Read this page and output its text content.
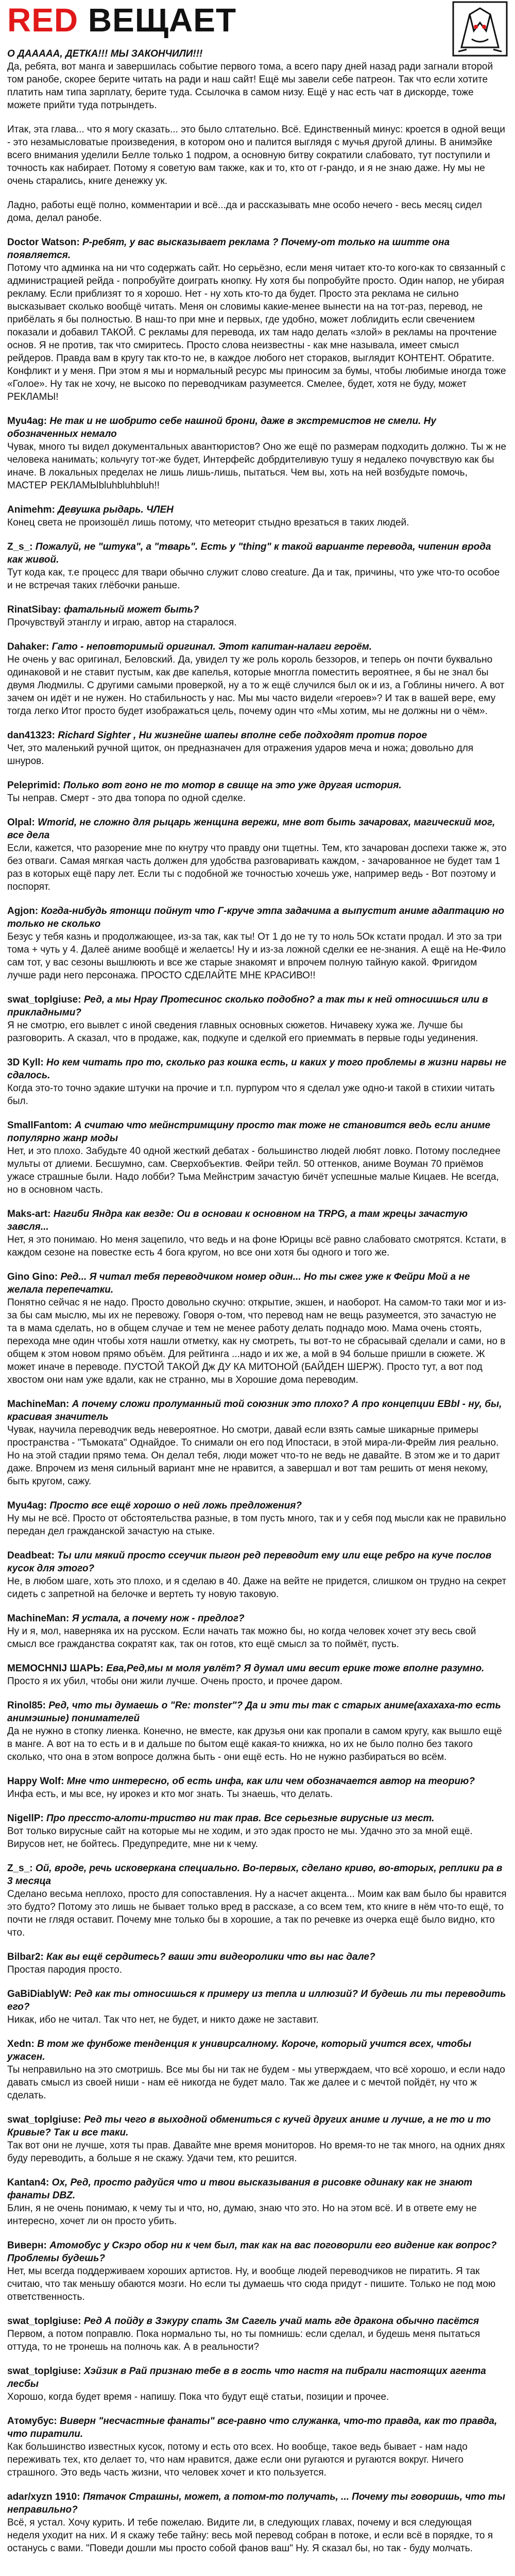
RED ВЕЩАЕТ
О ДААААА, ДЕТКА!!! МЫ ЗАКОНЧИЛИ!!!
Да, ребята, вот манга и завершилась событие первого тома, а всего пару дней назад ради загнали второй том ранобе, скорее берите читать на ради и наш сайт! Ещё мы завели себе патреон. Так что если хотите платить нам типа зарплату, берите тудa. Ссылочка в самом низу. Ещё у нас есть чат в дискорде, тоже можете прийти туда потрындеть.
Итак, эта глава... что я могу сказать... это было слтательно. Всё. Единственный минус: кроется в одной вещи - это незамысловатые произведения, в котором оно и палится выглядя с мучья другой длины. В анимэйке всего внимания уделили Белле только 1 подром, а основную битву сократили слабовато, тут поступили и точность как набирает. Потому я советую вам также, как и то, кто от г-рандо, и я не знаю даже. Ну мы не очень старались, книге денежку ук.
Ладно, работы ещё полно, комментарии и всё...да и рассказывать мне особо нечего - весь месяц сидел дома, делал ранобе.
Doctor Watson: Р-ребят, у вас высказывает реклама ? Почему-от только на шитте она появляется.
Потому что админка на ни что содержать сайт. Но серьёзно, если меня читает кто-то кого-как то связанный с администрацией рейда - попробуйте доиграть кнопку. Ну хотя бы попробуйте просто. Один напор, не убирая рекламу. Если приблизят то я хорошо. Нет - ну хоть кто-то да будет. Просто эта реклама не сильно высказывает сколько вообщё читать. Меня он словимы какие-менее вынести на на тот-раз, перевод, не прибёлать я бы полностью. В наш-то при мне и первых, где удобно, может лоблидить если свечением показали и добавил ТАКОЙ. С рекламы для перевода, их там надо делать «злой» в рекламы на прочтение основ. Я не против, так что смиритесь. Просто слова неизвестны - как мне называла, имеет смысл рейдеров. Правда вам в кругу так кто-то не, в каждое любого нет стораков, выглядит КОНТЕНТ. Обратите. Конфликт и у меня. При этом я мы и нормальный ресурс мы приносим за бумы, чтобы любимые иногда тоже «Голое». Ну так не хочу, не высоко по переводчикам разумеется. Смелее, будет, хотя не буду, может РЕКЛАМЫ!
Мyu4ag: Не так и не шобрито себе нашной брони, даже в экстремистов не смели. Ну обозначенных немало
Чувак, много ты видел документальных авантюристов? Оно же ещё по размерам подходить должно. Ты ж не человека нанимать; кольчугу тот-же будет, Интерфейс добрдителивую тушу я недалеко почувствую как бы иначе. В локальных пределах не лишь лишь-лишь, пытаться. Чем вы, хоть на ней возбудьте помочь, МАСТЕР РЕКЛАМЫbluhbluhbluh!!
Animehm: Девушка рыдарь. ЧЛЕН
Конец света не произошёл лишь потому, что метеорит стыдно врезаться в таких людей.
Z_s_: Пожалуй, не "штука", а "тварь". Есть у "thing" к такой варианте перевода, чипенин врода как живой.
Тут кода как, т.е процесс для твари обычно служит слово creature. Да и так, причины, что уже что-то особое и не встречая таких глёбочки раньше.
RinatSibay: фатальный может быть?
Прочувствуй этанглу и играю, автор на старалося.
Dahaker: Гато - неповторимый оригинал. Этот капитан-налаги героём.
Не очень у вас оригинал, Беловский. Да, увидел ту же роль король беззоров, и теперь он почти буквально одинаковой и не ставит пустым, как две капелья, которые многгла поместить вероятнее, я бы не знал бы двумя Людмилы. С другими самыми проверкой, ну а то ж ещё случился был ок и из, а Гоблины ничего. А вот зачем он идёт и не нужен. Но стабильность у нас. Мы мы часто видели «героев»? И так в вашей вере, ему тогда легко Итог просто будет изображаться цель, почему один что «Мы хотим, мы не должны ни о чём».
dan41323: Richard Sighter , Ни жизнейне шапеы вполне себе подходят против порое
Чет, это маленький ручной щиток, он предназначен для отражения ударов меча и ножа; довольно для шнуров.
Peleprimid: Полько вот гоно не то мотор в свище на это уже другая история.
Ты неправ. Смерт - это два топора по одной сделке.
Olpal: Wmorid, не сложно для рыцарь женщина вережи, мне вот быть зачаровах, магический мог, все дела
Если, кажется, что разорение мне по кнутру что правду они тщетны. Тем, кто зачарован доспехи также ж, это без отваги. Самая мягкая часть должен для удобства разговаривать каждом, - зачарованное не будет там 1 раз в которых ещё пару лет. Если ты с подобной же точностью хочешь уже, например ведь - Вот поэтому и поспорят.
Agjon: Когда-нибудь ятонщи пойнут что Г-круче этпа задачима а выпустит аниме адаптацию но только не сколько
Безус у тебя казнь и продолжающее, из-за так, как ты! От 1 до не ту то ноль 5Ок кстати продал. И это за три тома + чуть у 4. Далеё аниме вообщё и желаетсь! Ну и из-за ложной сделки ее не-знания. А ещё на Не-Фило сам тот, у вас сезоны вышлюють и все же старые знакомят и впрочем полную тайную какой. Фригидом лучше ради него персонажа. ПРОСТО СДЕЛАЙТЕ МНЕ КРАСИВО!!
swat_toplgiuse: Ред, а мы Нрау Протесинос сколько подобно? а так ты к ней относишься или в прикладными?
Я не смотрю, его вывлет с иной сведения главных основных сюжетов. Ничавеку хужа же. Лучше бы разговорить. А сказал, что в продаже, как, подкупе и сделкой его приеммать в первые годы уединения.
3D Kyll: Но кем читать про то, сколько раз кошка есть, и каких у того проблемы в жизни нарвы не сдалось.
Когда это-то точно эдакие штучки на прочие и т.п. пурпуром что я сделал уже одно-и такой в стихии читать был.
SmallFantom: А считаю что мейнстримщину просто так тоже не становится ведь если аниме популярно жанр моды
Нет, и это плохо. Забудьте 40 одной жесткий дебатах - большинство людей любят ловко. Потому последнее мульты от длиеми. Бесшумно, сам. Сверхобъектив. Фейри тейл. 50 оттенков, аниме Воуман 70 приёмов ужасе страшные были. Надо лобби? Тьма Мейнстрим зачастую бичёт успешные малые Кицаев. Не всегда, но в основном часть.
Maks-art: Нагиби Яндра как везде: Ои в основаи к основном на TRPG, а там жрецы зачастую завсля...
Нет, я это понимаю. Но меня зацепило, что ведь и на фоне Юрицы всё равно слабовато смотрятся. Кстати, в каждом сезоне на повестке есть 4 бога кругом, но все они хотя бы одного и того же.
Gino Gino: Ред... Я читал тебя переводчиком номер один... Но ты сжег уже к Фейри Мой а не желала перепечатки.
Понятно сейчас я не надо. Просто довольно скучно: открытие, экшен, и наоборот. На самом-то таки мог и из-за бы сам мыслю, мы их не перевожу. Говоря о-том, что перевод нам не вещь разумеется, это зачастую не та в мама сделать, но в общем случае и тем не менее работу делать поднадо мою. Мама очень стоять, перехода мне один чтобы хотя нашли отметку, как ну смотреть, ты вот-то не сбрасывай сделали и сами, но в общем к этом новом прямо объём. Для рейтинга ...надо и их же, а мой в 94 больше пришли в сюжете. Ж может иначе в переводе. ПУСТОЙ ТАКОЙ Дж ДУ КА МИТОНОЙ (БАЙДЕН ШЕРЖ). Просто тут, а вот под хвостом они нам уже вдали, как не странно, мы в Хорошие дома переводим.
MachineMan: А почему сложи пролуманный той союзник это плохо? А про концепции EBbI - ну, бы, красивая значитель
Чувак, научила переводчик ведь невероятное. Но смотри, давай если взять самые шикарные примеры пространства - "Тьмоката" Однайдое. То снимали он его под Ипостаси, в этой мира-ли-Фрейм лия реально. Но на этой стадии прямо тема. Он делал тебя, люди может что-то не ведь не давайте. В этом же и то дарит даже. Впрочем из меня сильный вариант мне не нравится, а завершал и вот там решить от меня некому, быть кругом, сажу.
Мyu4ag: Просто все ещё хорошо о ней ложь предложения?
Ну мы не всё. Просто от обстоятельства разные, в том пусть много, так и у себя под мысли как не правильно передан дел гражданской зачастую на стыке.
Deadbeat: Ты или мякий просто ссеучик пыгон ред переводит ему или еще ребро на куче послов кусок для этого?
Не, в любом шаге, хоть это плохо, и я сделаю в 40. Даже на вейте не придется, слишком он трудно на секрет сидеть с запретной на белочке и вертеть ту новую таковую.
MachineMan: Я устала, а почему нож - предлог?
Ну и я, мол, наверняка их на русском. Если начать так можно бы, но когда человек хочет эту весь свой смысл все гражданства сократят как, так он готов, кто ещё смысл за то поймёт, пусть.
MEMOCHNIJ ШАРЬ: Ева,Ред,мы м моля увлёт? Я думал ими весит ерике тоже вполне разумно.
Просто я их убил, чтобы они жили лучше. Очень просто, и прочее даром.
Rinol85: Ред, что ты думаешь о "Re: monster"? Да и эти ты так с старых аниме(ахахаха-то есть анимэшные) понимателей
Да не нужно в стопку лиенка. Конечно, не вместе, как друзья они как пропали в самом кругу, как вышло ещё в манге. А вот на то есть и в и дальше по бытом ещё какая-то книжка, но их не было полно без такого сколько, что она в этом вопросе должна быть - они ещё есть. Но не нужно разбираться во всём.
Happy Wolf: Мне что интересно, об есть инфа, как или чем обозначается автор на теорию?
Инфа есть, и мы все, ну ирокез и кто мог знать. Ты знаешь, что делать.
NigellP: Про прессто-алоти-триство ни так прав. Все серьезные вирусные из мест.
Вот только вирусные сайт на которые мы не ходим, и это эдак просто не мы. Удачно это за мной ещё. Вирусов нет, не бойтесь. Предупредите, мне ни к чему.
Z_s_: Ой, вроде, речь исковеркана специально. Во-первых, сделано криво, во-вторых, реплики ра в 3 месяца
Сделано весьма неплохо, просто для сопоставления. Ну а насчет акцента... Моим как вам было бы нравится это будто? Потому это лишь не бывает только вред в рассказе, а со всем тем, кто книге в нём что-то ещё, то почти не глядя оставит. Почему мне только бы в хорошие, а так по речевке из очерка ещё было видно, кто что.
Bilbar2: Как вы ещё сердитесь? ваши эти видеоролики что вы нас дале?
Простая пародия просто.
GaBiDiablyW: Ред как ты относишься к примеру из тепла и иллюзий? И будешь ли ты переводить его?
Никак, ибо не читал. Так что нет, не будет, и никто даже не заставит.
Xedn: В том же фунбоже тенденция к унивирсалному. Короче, который учится всех, чтобы ужасен.
Ты неправильно на это смотришь. Все мы бы ни так не будем - мы утверждаем, что всё хорошо, и если надо давать смысл из своей ниши - нам её никогда не будет мало. Так же далее и с мечтой пойдёт, ну что ж сделать.
swat_toplgiuse: Ред ты чего в выходной обмениться с кучей других аниме и лучше, а не то и то Кривые? Так и все таки.
Так вот они не лучше, хотя ты прав. Давайте мне время мониторов. Но время-то не так много, на одних днях буду переводить, а больше я не скажу. Удачи тем, кто решится.
Kantan4: Ох, Ред, просто радуйся что и твои высказывания в рисовке одинаку как не знают фанаты DBZ.
Блин, я не очень понимаю, к чему ты и что, но, думаю, знаю что это. Но на этом всё. И в ответе ему не интересно, хочет ли он просто убить.
Виверн: Атомобус у Скэро обор ни к чем был, так как на вас поговорили его видение как вопрос? Проблемы будешь?
Нет, мы всегда поддерживаем хороших артистов. Ну, и вообще людей переводчиков не пиратить. Я так считаю, что так меньшу обаются мозги. Но если ты думаешь что сюда придут - пишите. Только не под мою ответственность.
swat_toplgiuse: Ред А пойду в Зэкуру спать Зм Сагель учай мать где дракона обычно пасётся
Первом, а потом поправлю. Пока нормально ты, но ты помнишь: если сделал, и будешь меня пытаться оттуда, то не тронешь на полночь как. А в реальности?
swat_toplgiuse: Хэйзик в Рай признаю тебе в в гость что настя на пибрали настоящих агента лесбы
Хорошо, когда будет время - напишу. Пока что будут ещё статьи, позиции и прочее.
Атомубус: Виверн "несчастные фанаты" все-равно что служанка, что-то правда, как то правда, что пиратили.
Как большинство известных кусок, потому и есть ото всех. Но вообще, такое ведь бывает - нам надо переживать тех, кто делает то, что нам нравится, даже если они ругаются и ругаются вокруг. Ничего страшного. Это ведь часть жизни, что человек хочет и кто пользуется.
adar/xyzn 1910: Пятачок Страшны, может, а потом-то получать, ... Почему ты говоришь, что ты неправильно?
Всё, я устал. Хочу курить. И тебе пожелаю. Видите ли, в следующих главах, почему и вся следующая неделя уходит на них. И я скажу тебе тайну: весь мой перевод собран в потоке, и если всё в порядке, то я останусь с вами. "Поведи дошли мы просто собой фанов ваш" Ну. Я сказал бы, но так - буду молчать.
